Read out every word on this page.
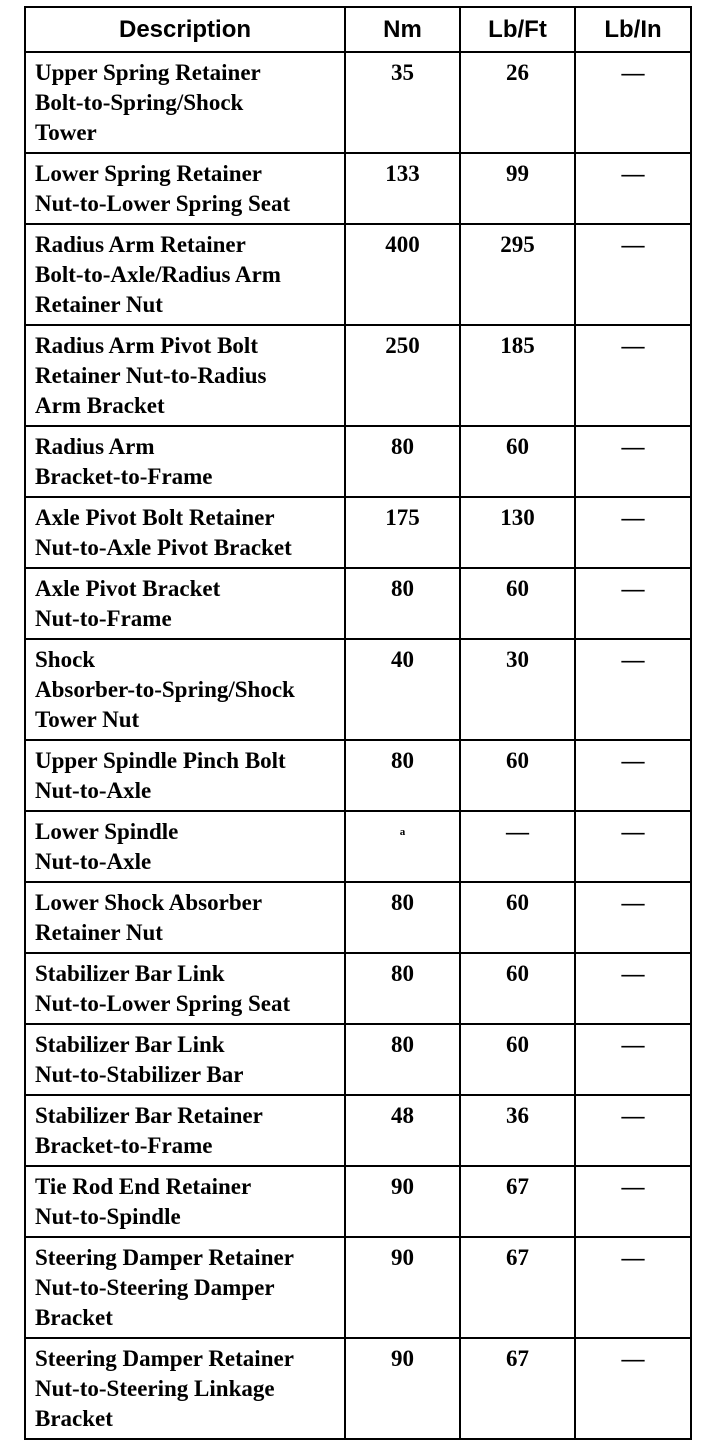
Description	Nm	Lb/Ft	Lb/In

Upper Spring Retainer
Bolt-to-Spring/Shock
Tower	35	26	—

Lower Spring Retainer
Nut-to-Lower Spring Seat	133	99	—

Radius Arm Retainer
Bolt-to-Axle/Radius Arm
Retainer Nut	400	295	—

Radius Arm Pivot Bolt
Retainer Nut-to-Radius
Arm Bracket	250	185	—

Radius Arm
Bracket-to-Frame	80	60	—

Axle Pivot Bolt Retainer
Nut-to-Axle Pivot Bracket	175	130	—

Axle Pivot Bracket
Nut-to-Frame	80	60	—

Shock
Absorber-to-Spring/Shock
Tower Nut	40	30	—

Upper Spindle Pinch Bolt
Nut-to-Axle	80	60	—

Lower Spindle
Nut-to-Axle	$^a$	—	—

Lower Shock Absorber
Retainer Nut	80	60	—

Stabilizer Bar Link
Nut-to-Lower Spring Seat	80	60	—

Stabilizer Bar Link
Nut-to-Stabilizer Bar	80	60	—

Stabilizer Bar Retainer
Bracket-to-Frame	48	36	—

Tie Rod End Retainer
Nut-to-Spindle	90	67	—

Steering Damper Retainer
Nut-to-Steering Damper
Bracket	90	67	—

Steering Damper Retainer
Nut-to-Steering Linkage
Bracket	90	67	—
